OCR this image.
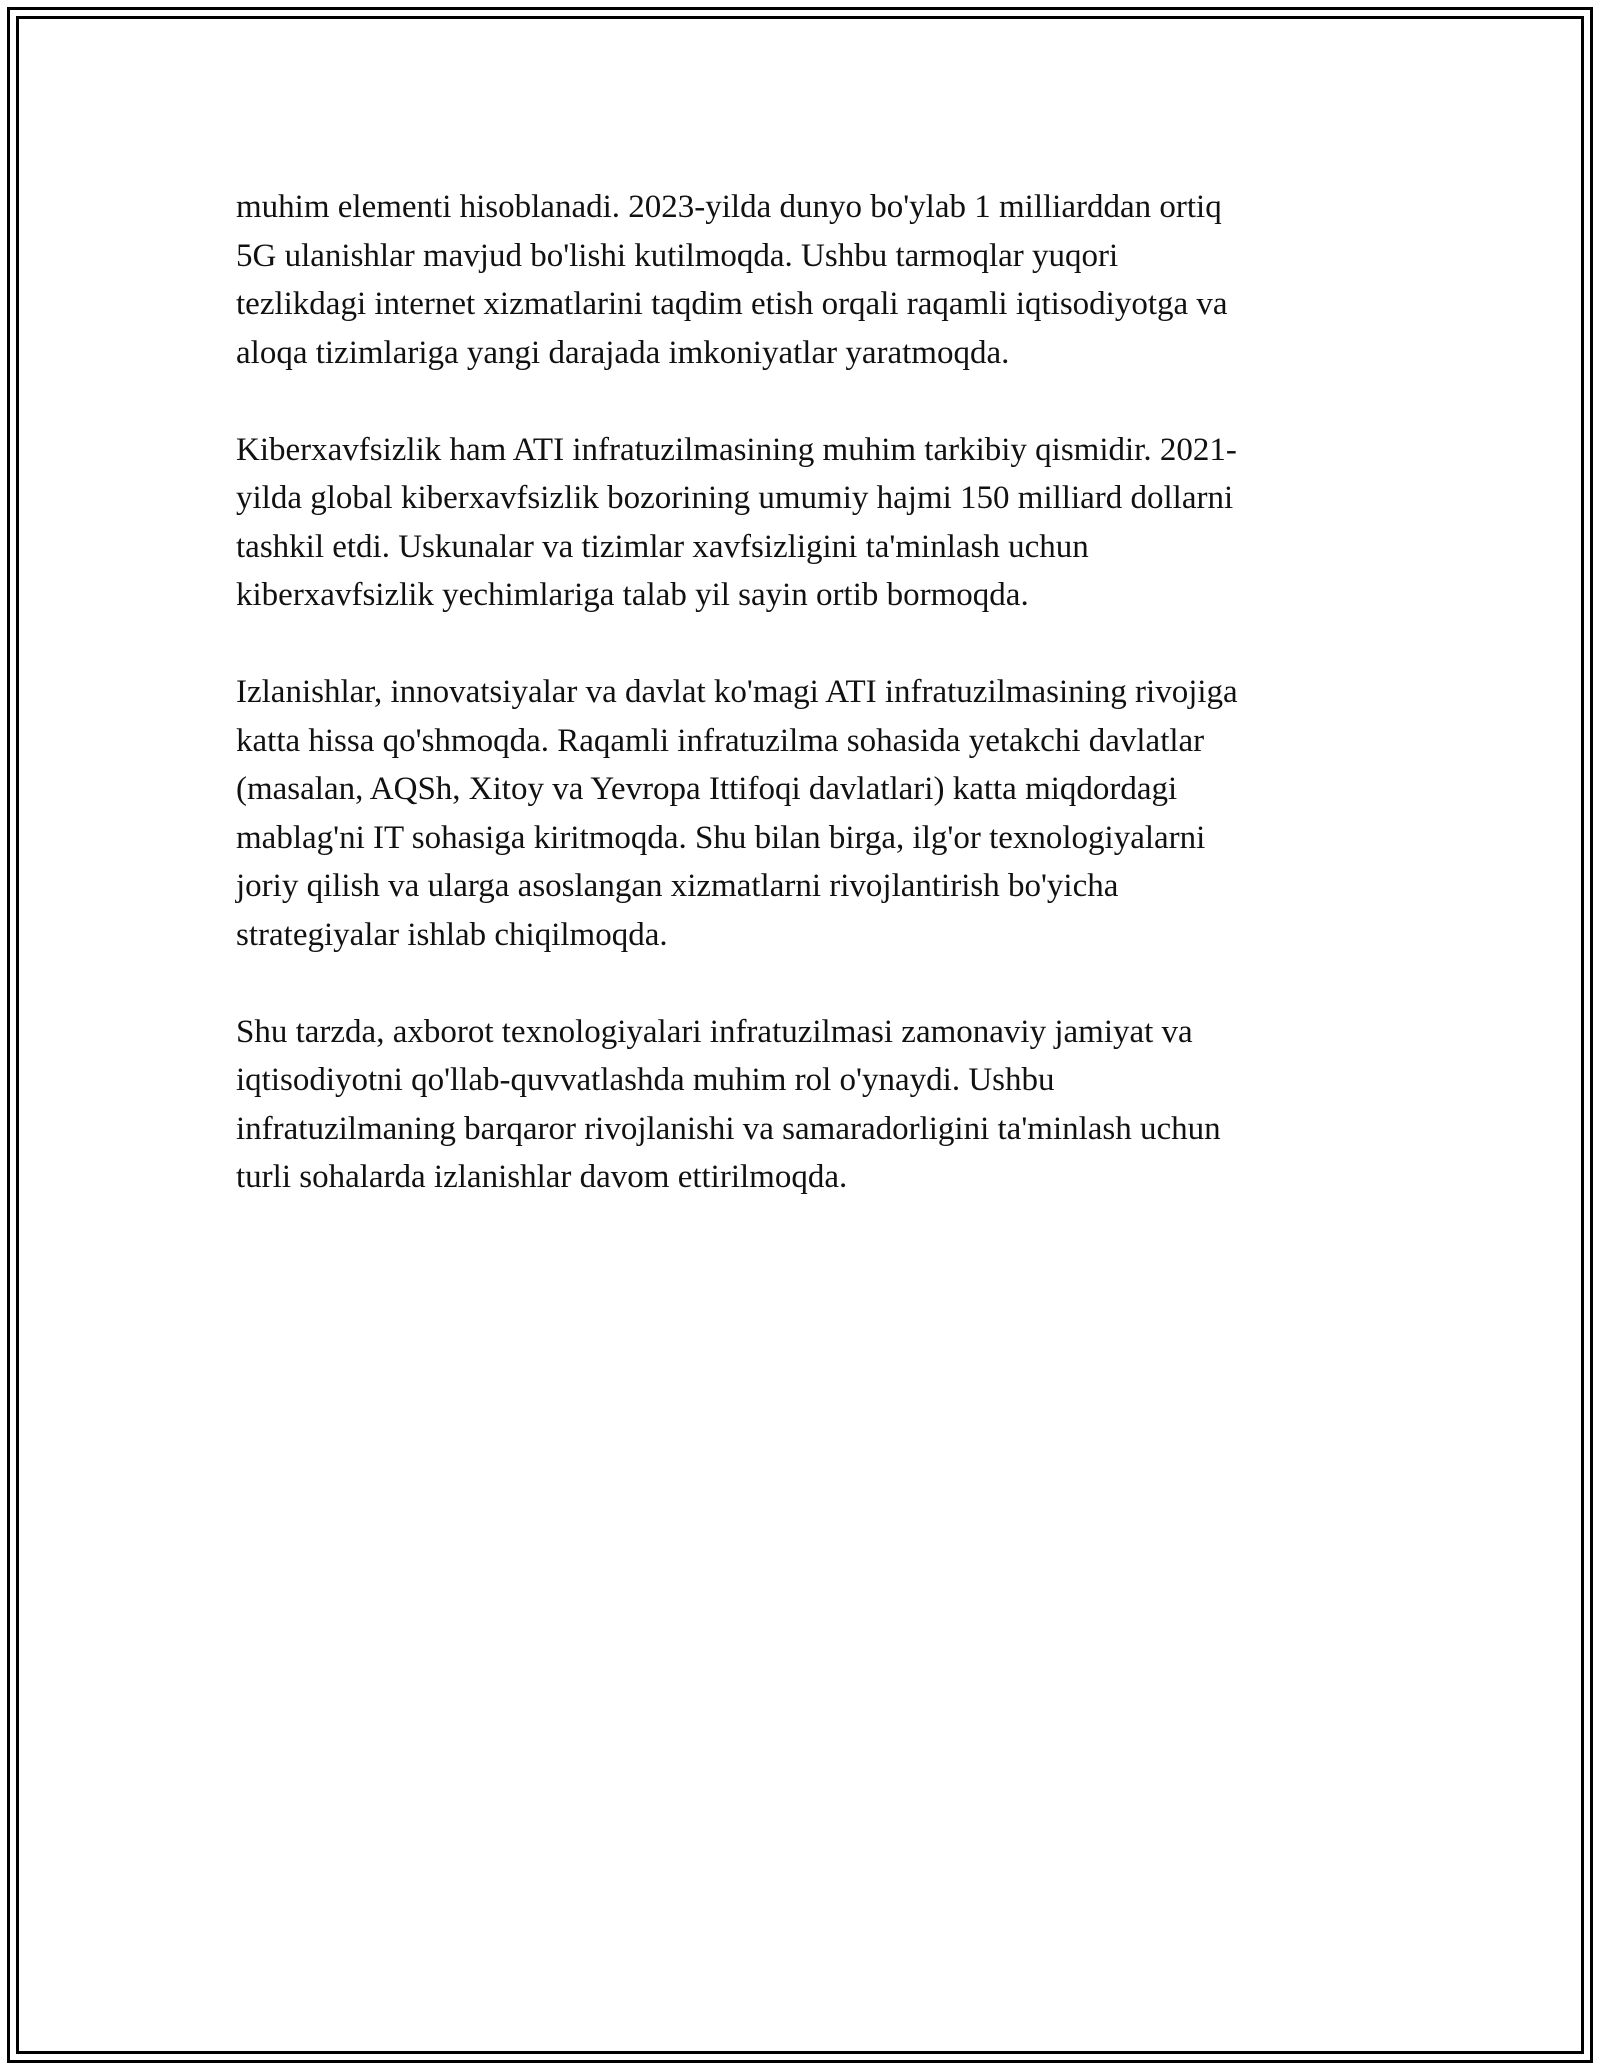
muhim elementi hisoblanadi. 2023-yilda dunyo bo'ylab 1 milliarddan ortiq
5G ulanishlar mavjud bo'lishi kutilmoqda. Ushbu tarmoqlar yuqori
tezlikdagi internet xizmatlarini taqdim etish orqali raqamli iqtisodiyotga va
aloqa tizimlariga yangi darajada imkoniyatlar yaratmoqda.

Kiberxavfsizlik ham ATI infratuzilmasining muhim tarkibiy qismidir. 2021-
yilda global kiberxavfsizlik bozorining umumiy hajmi 150 milliard dollarni
tashkil etdi. Uskunalar va tizimlar xavfsizligini ta'minlash uchun
kiberxavfsizlik yechimlariga talab yil sayin ortib bormoqda.

Izlanishlar, innovatsiyalar va davlat ko'magi ATI infratuzilmasining rivojiga
katta hissa qo'shmoqda. Raqamli infratuzilma sohasida yetakchi davlatlar
(masalan, AQSh, Xitoy va Yevropa Ittifoqi davlatlari) katta miqdordagi
mablag'ni IT sohasiga kiritmoqda. Shu bilan birga, ilg'or texnologiyalarni
joriy qilish va ularga asoslangan xizmatlarni rivojlantirish bo'yicha
strategiyalar ishlab chiqilmoqda.

Shu tarzda, axborot texnologiyalari infratuzilmasi zamonaviy jamiyat va
iqtisodiyotni qo'llab-quvvatlashda muhim rol o'ynaydi. Ushbu
infratuzilmaning barqaror rivojlanishi va samaradorligini ta'minlash uchun
turli sohalarda izlanishlar davom ettirilmoqda.
